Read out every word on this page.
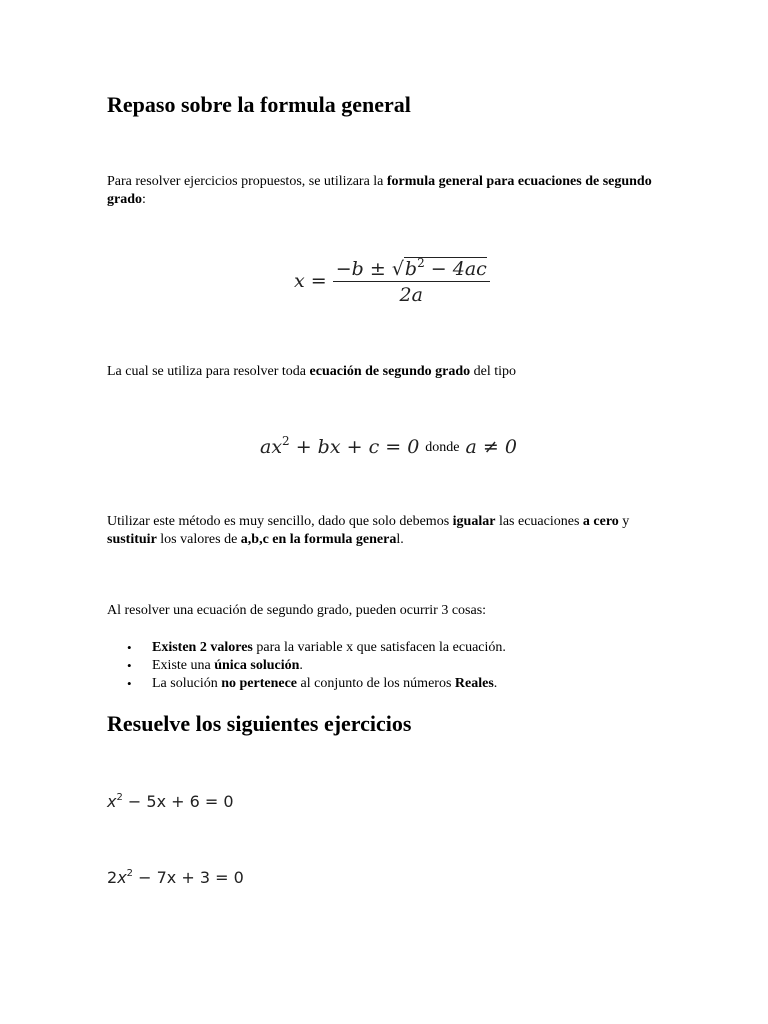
Repaso sobre la formula general

Para resolver ejercicios propuestos, se utilizara la formula general para ecuaciones de segundo grado:

$x = \frac{-b \pm √b^2 - 4ac}{2a}$

La cual se utiliza para resolver toda ecuación de segundo grado del tipo

$ax^2$ + bx + c = 0 donde a ≠ 0

Utilizar este método es muy sencillo, dado que solo debemos igualar las ecuaciones a cero y sustituir los valores de a,b,c en la formula general.

Al resolver una ecuación de segundo grado, pueden ocurrir 3 cosas:

• Existen 2 valores para la variable x que satisfacen la ecuación.
• Existe una única solución.
• La solución no pertenece al conjunto de los números Reales.
Resuelve los siguientes ejercicios
$x^2 - 5x + 6 = 0$
$2x^2 - 7x + 3 = 0$
